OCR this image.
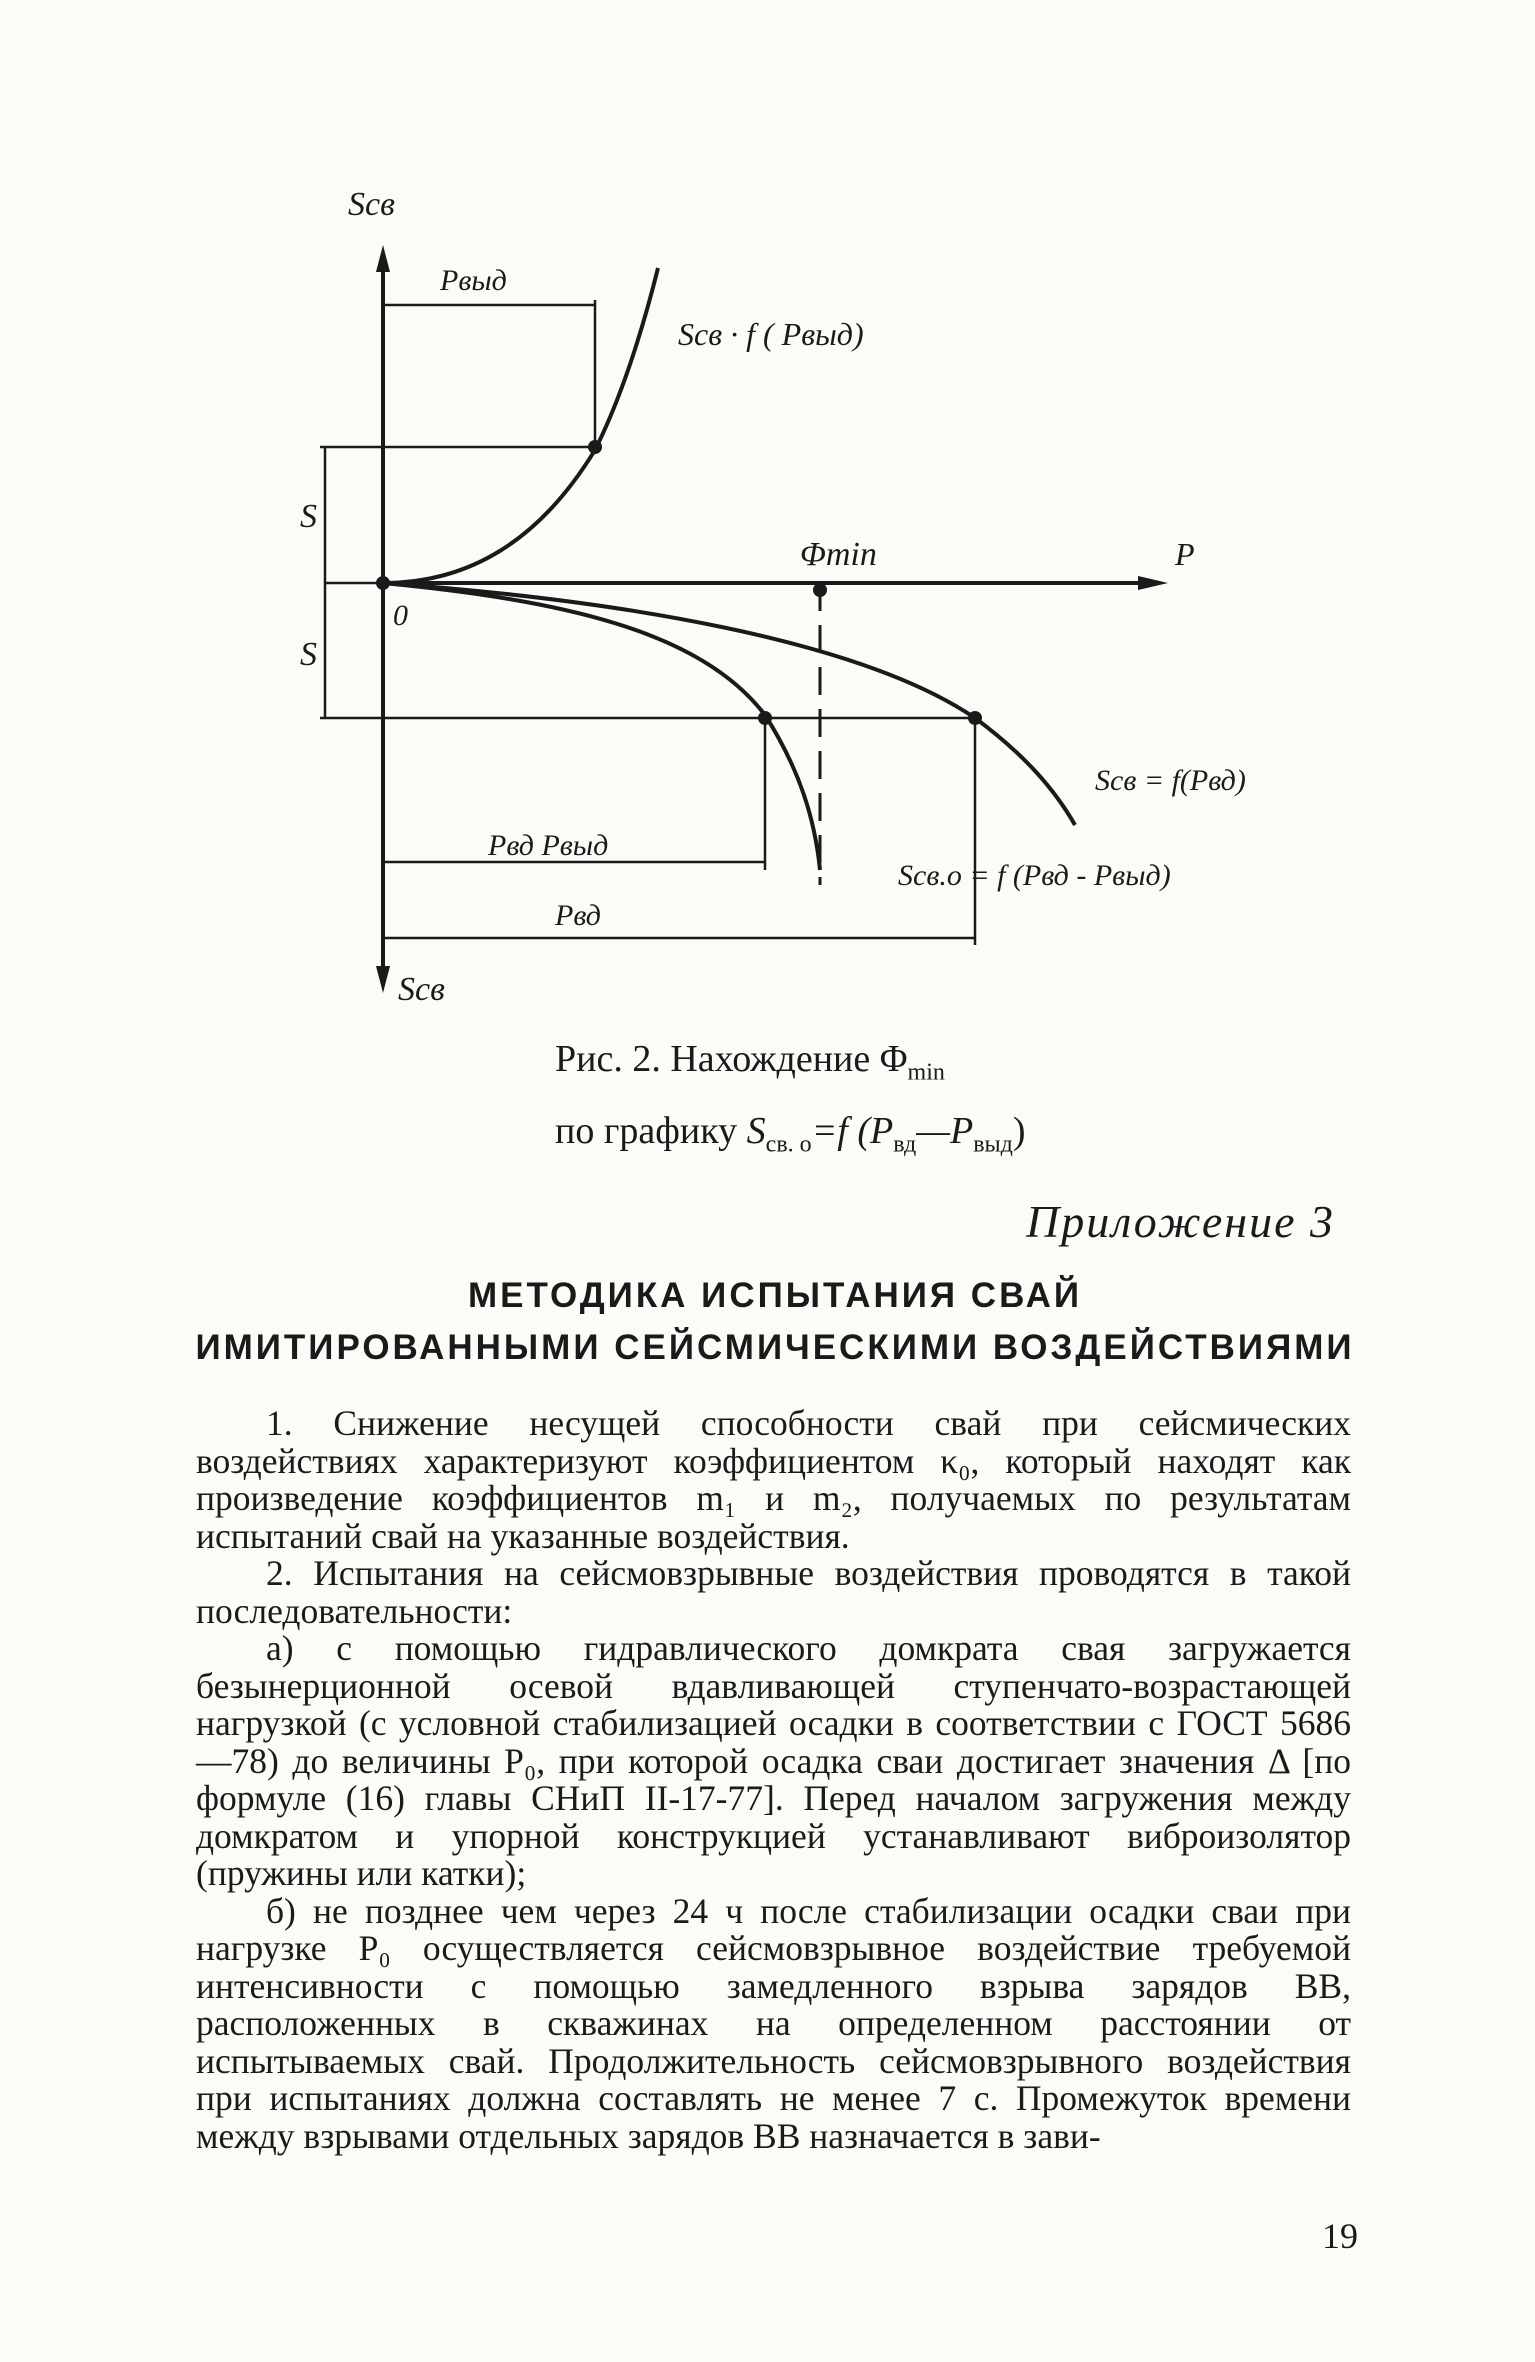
Sсв
Sсв
P
0
S
S
Pвыд
Sсв · f ( Pвыд)
Φmin
Sсв = f(Pвд)
Pвд Pвыд
Pвд
Sсв.о = f (Pвд - Pвыд)
Рис. 2. Нахождение $\Phi_{min}$
по графику $S_{св. о}=f$ $(P_{вд}—P_{выд})$
Приложение 3
МЕТОДИКА ИСПЫТАНИЯ СВАЙ
ИМИТИРОВАННЫМИ СЕЙСМИЧЕСКИМИ ВОЗДЕЙСТВИЯМИ

1. Снижение несущей способности свай при сейсмических воздействиях характеризуют коэффициентом κ₀, который находят как произведение коэффициентов m₁ и m₂, получаемых по результатам испытаний свай на указанные воздействия.

2. Испытания на сейсмовзрывные воздействия проводятся в такой последовательности:

а) с помощью гидравлического домкрата свая загружается безынерционной осевой вдавливающей ступенчато-возрастающей нагрузкой (с условной стабилизацией осадки в соответствии с ГОСТ 5686—78) до величины P₀, при которой осадка сваи достигает значения Δ [по формуле (16) главы СНиП II-17-77]. Перед началом загружения между домкратом и упорной конструкцией устанавливают виброизолятор (пружины или катки);

б) не позднее чем через 24 ч после стабилизации осадки сваи при нагрузке P₀ осуществляется сейсмовзрывное воздействие требуемой интенсивности с помощью замедленного взрыва зарядов ВВ, расположенных в скважинах на определенном расстоянии от испытываемых свай. Продолжительность сейсмовзрывного воздействия при испытаниях должна составлять не менее 7 с. Промежуток времени между взрывами отдельных зарядов ВВ назначается в зави-

19
